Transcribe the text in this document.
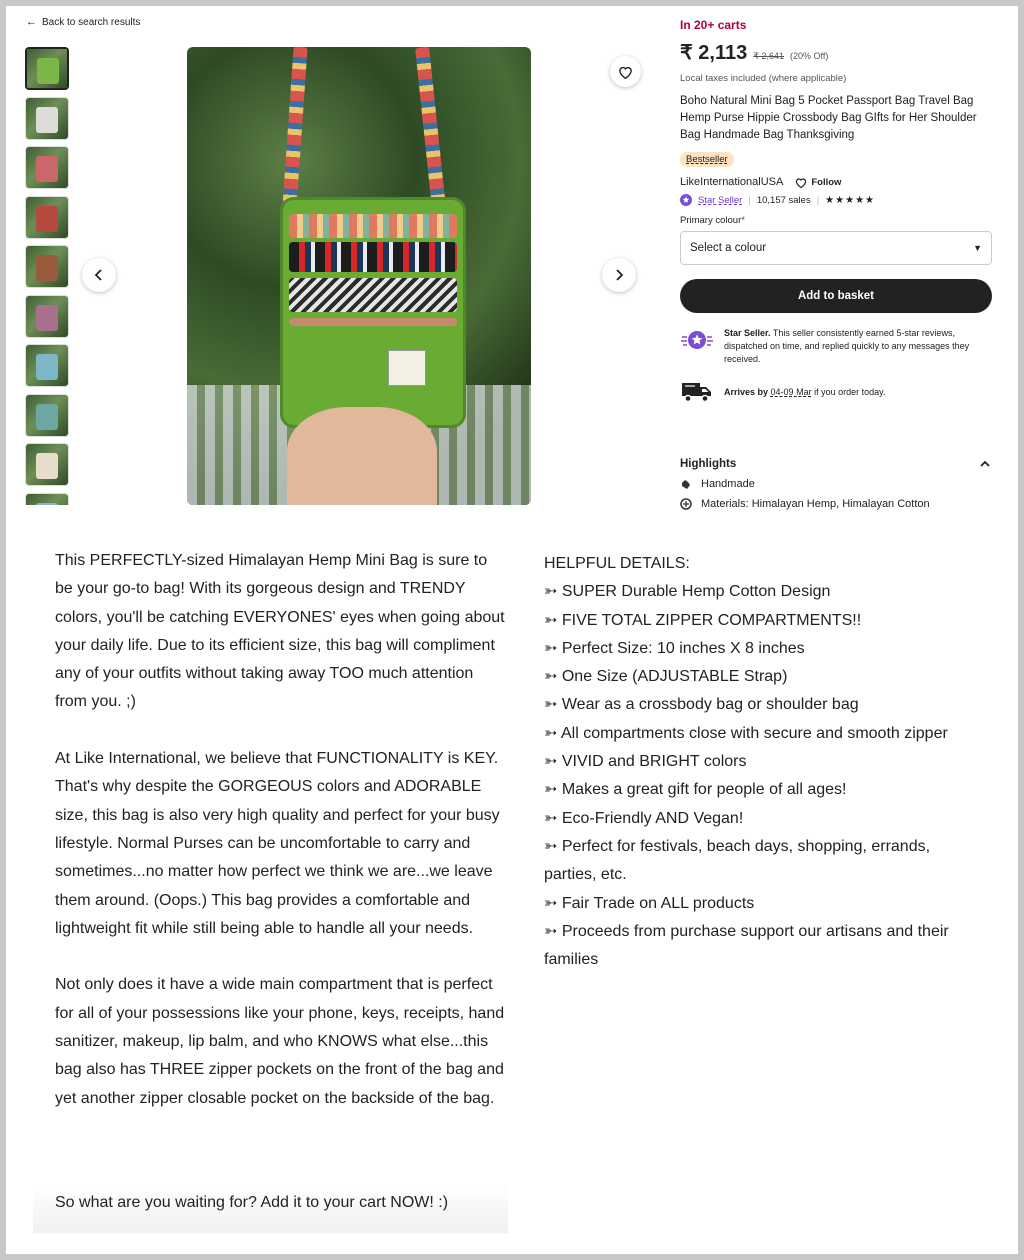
← Back to search results	In 20+ carts
₹ 2,113 ₹ 2,641 (20% Off)
Local taxes included (where applicable)
Boho Natural Mini Bag 5 Pocket Passport Bag Travel Bag Hemp Purse Hippie Crossbody Bag GIfts for Her Shoulder Bag Handmade Bag Thanksgiving
Bestseller
LikeInternationalUSA	Follow
Star Seller | 10,157 sales | ★★★★★
Primary colour*
Select a colour	▼
Add to basket
Star Seller. This seller consistently earned 5-star reviews, dispatched on time, and replied quickly to any messages they received.
Arrives by 04-09 Mar if you order today.
Highlights
Handmade
Materials: Himalayan Hemp, Himalayan Cotton

This PERFECTLY-sized Himalayan Hemp Mini Bag is sure to be your go-to bag! With its gorgeous design and TRENDY colors, you'll be catching EVERYONES' eyes when going about your daily life. Due to its efficient size, this bag will compliment any of your outfits without taking away TOO much attention from you. ;)

At Like International, we believe that FUNCTIONALITY is KEY. That's why despite the GORGEOUS colors and ADORABLE size, this bag is also very high quality and perfect for your busy lifestyle. Normal Purses can be uncomfortable to carry and sometimes...no matter how perfect we think we are...we leave them around. (Oops.) This bag provides a comfortable and lightweight fit while still being able to handle all your needs.

Not only does it have a wide main compartment that is perfect for all of your possessions like your phone, keys, receipts, hand sanitizer, makeup, lip balm, and who KNOWS what else...this bag also has THREE zipper pockets on the front of the bag and yet another zipper closable pocket on the backside of the bag.

So what are you waiting for? Add it to your cart NOW! :)

HELPFUL DETAILS:

➳ SUPER Durable Hemp Cotton Design

➳ FIVE TOTAL ZIPPER COMPARTMENTS!!

➳ Perfect Size: 10 inches X 8 inches

➳ One Size (ADJUSTABLE Strap)

➳ Wear as a crossbody bag or shoulder bag

➳ All compartments close with secure and smooth zipper

➳ VIVID and BRIGHT colors

➳ Makes a great gift for people of all ages!

➳ Eco-Friendly AND Vegan!

➳ Perfect for festivals, beach days, shopping, errands, parties, etc.

➳ Fair Trade on ALL products

➳ Proceeds from purchase support our artisans and their families
